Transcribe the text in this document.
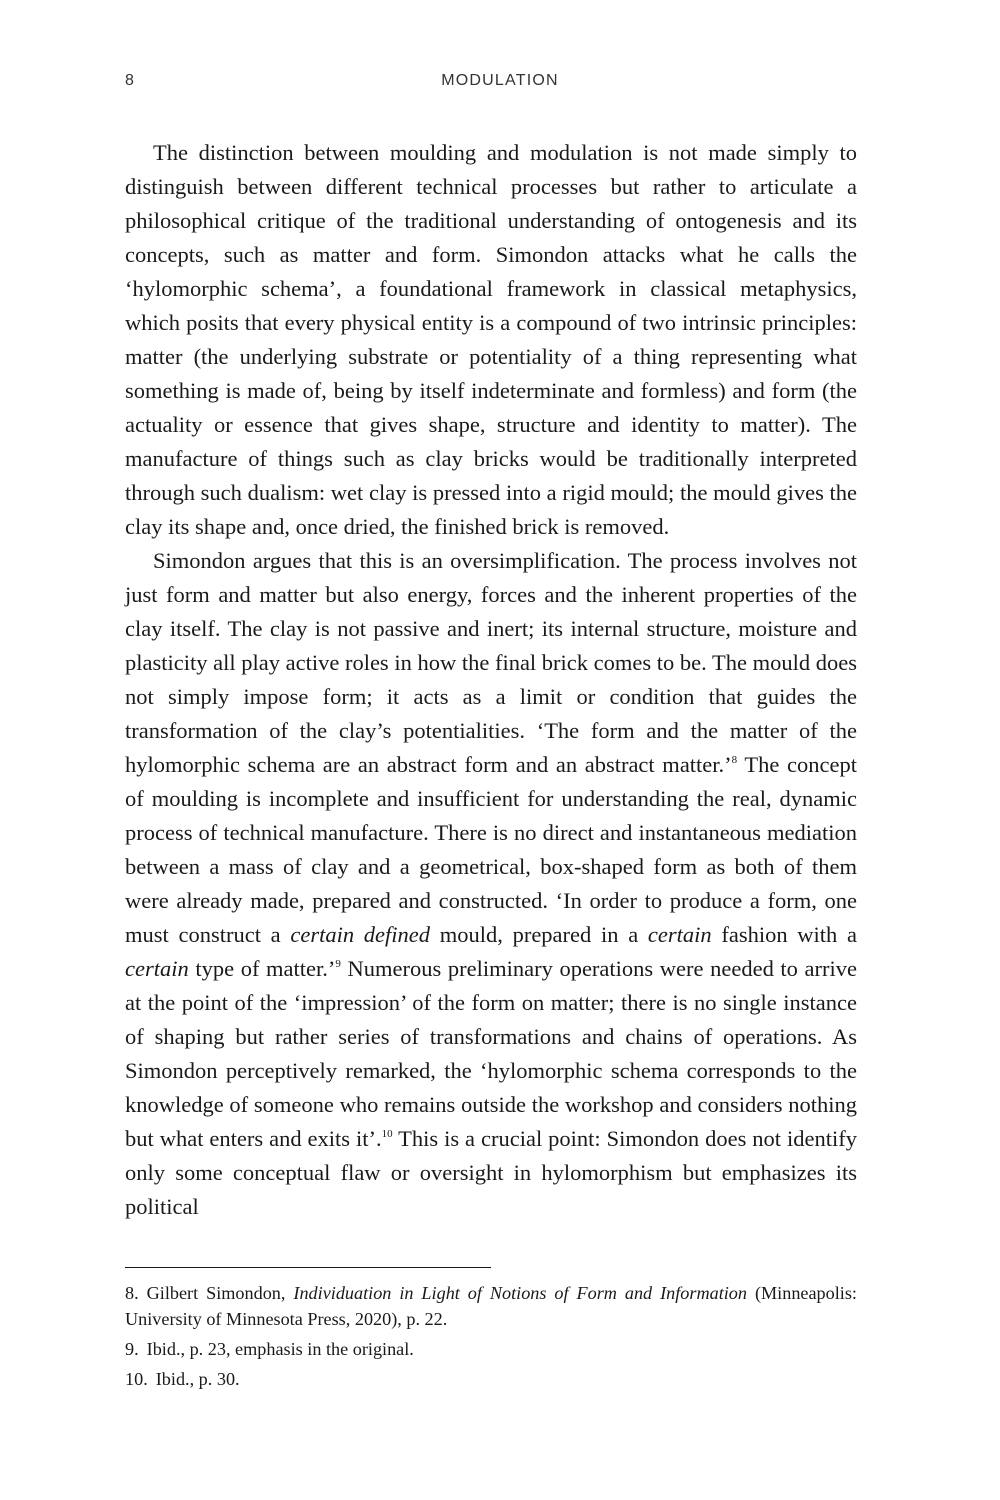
8	MODULATION

The distinction between moulding and modulation is not made simply to distinguish between different technical processes but rather to articulate a philosophical critique of the traditional understanding of ontogenesis and its concepts, such as matter and form. Simondon attacks what he calls the ‘hylomorphic schema’, a foundational framework in classical metaphysics, which posits that every physical entity is a compound of two intrinsic principles: matter (the underlying substrate or potentiality of a thing representing what something is made of, being by itself indeterminate and formless) and form (the actuality or essence that gives shape, structure and identity to matter). The manufacture of things such as clay bricks would be traditionally interpreted through such dualism: wet clay is pressed into a rigid mould; the mould gives the clay its shape and, once dried, the finished brick is removed.

Simondon argues that this is an oversimplification. The process involves not just form and matter but also energy, forces and the inherent properties of the clay itself. The clay is not passive and inert; its internal structure, moisture and plasticity all play active roles in how the final brick comes to be. The mould does not simply impose form; it acts as a limit or condition that guides the transformation of the clay’s potentialities. ‘The form and the matter of the hylomorphic schema are an abstract form and an abstract matter.’$^8$ The concept of moulding is incomplete and insufficient for understanding the real, dynamic process of technical manufacture. There is no direct and instantaneous mediation between a mass of clay and a geometrical, box-shaped form as both of them were already made, prepared and constructed. ‘In order to produce a form, one must construct a certain defined mould, prepared in a certain fashion with a certain type of matter.’$^9$ Numerous preliminary operations were needed to arrive at the point of the ‘impression’ of the form on matter; there is no single instance of shaping but rather series of transformations and chains of operations. As Simondon perceptively remarked, the ‘hylomorphic schema corresponds to the knowledge of someone who remains outside the workshop and considers nothing but what enters and exits it’.$^{10}$ This is a crucial point: Simondon does not identify only some conceptual flaw or oversight in hylomorphism but emphasizes its political

8. Gilbert Simondon, Individuation in Light of Notions of Form and Information (Minneapolis: University of Minnesota Press, 2020), p. 22.

9. Ibid., p. 23, emphasis in the original.

10. Ibid., p. 30.
